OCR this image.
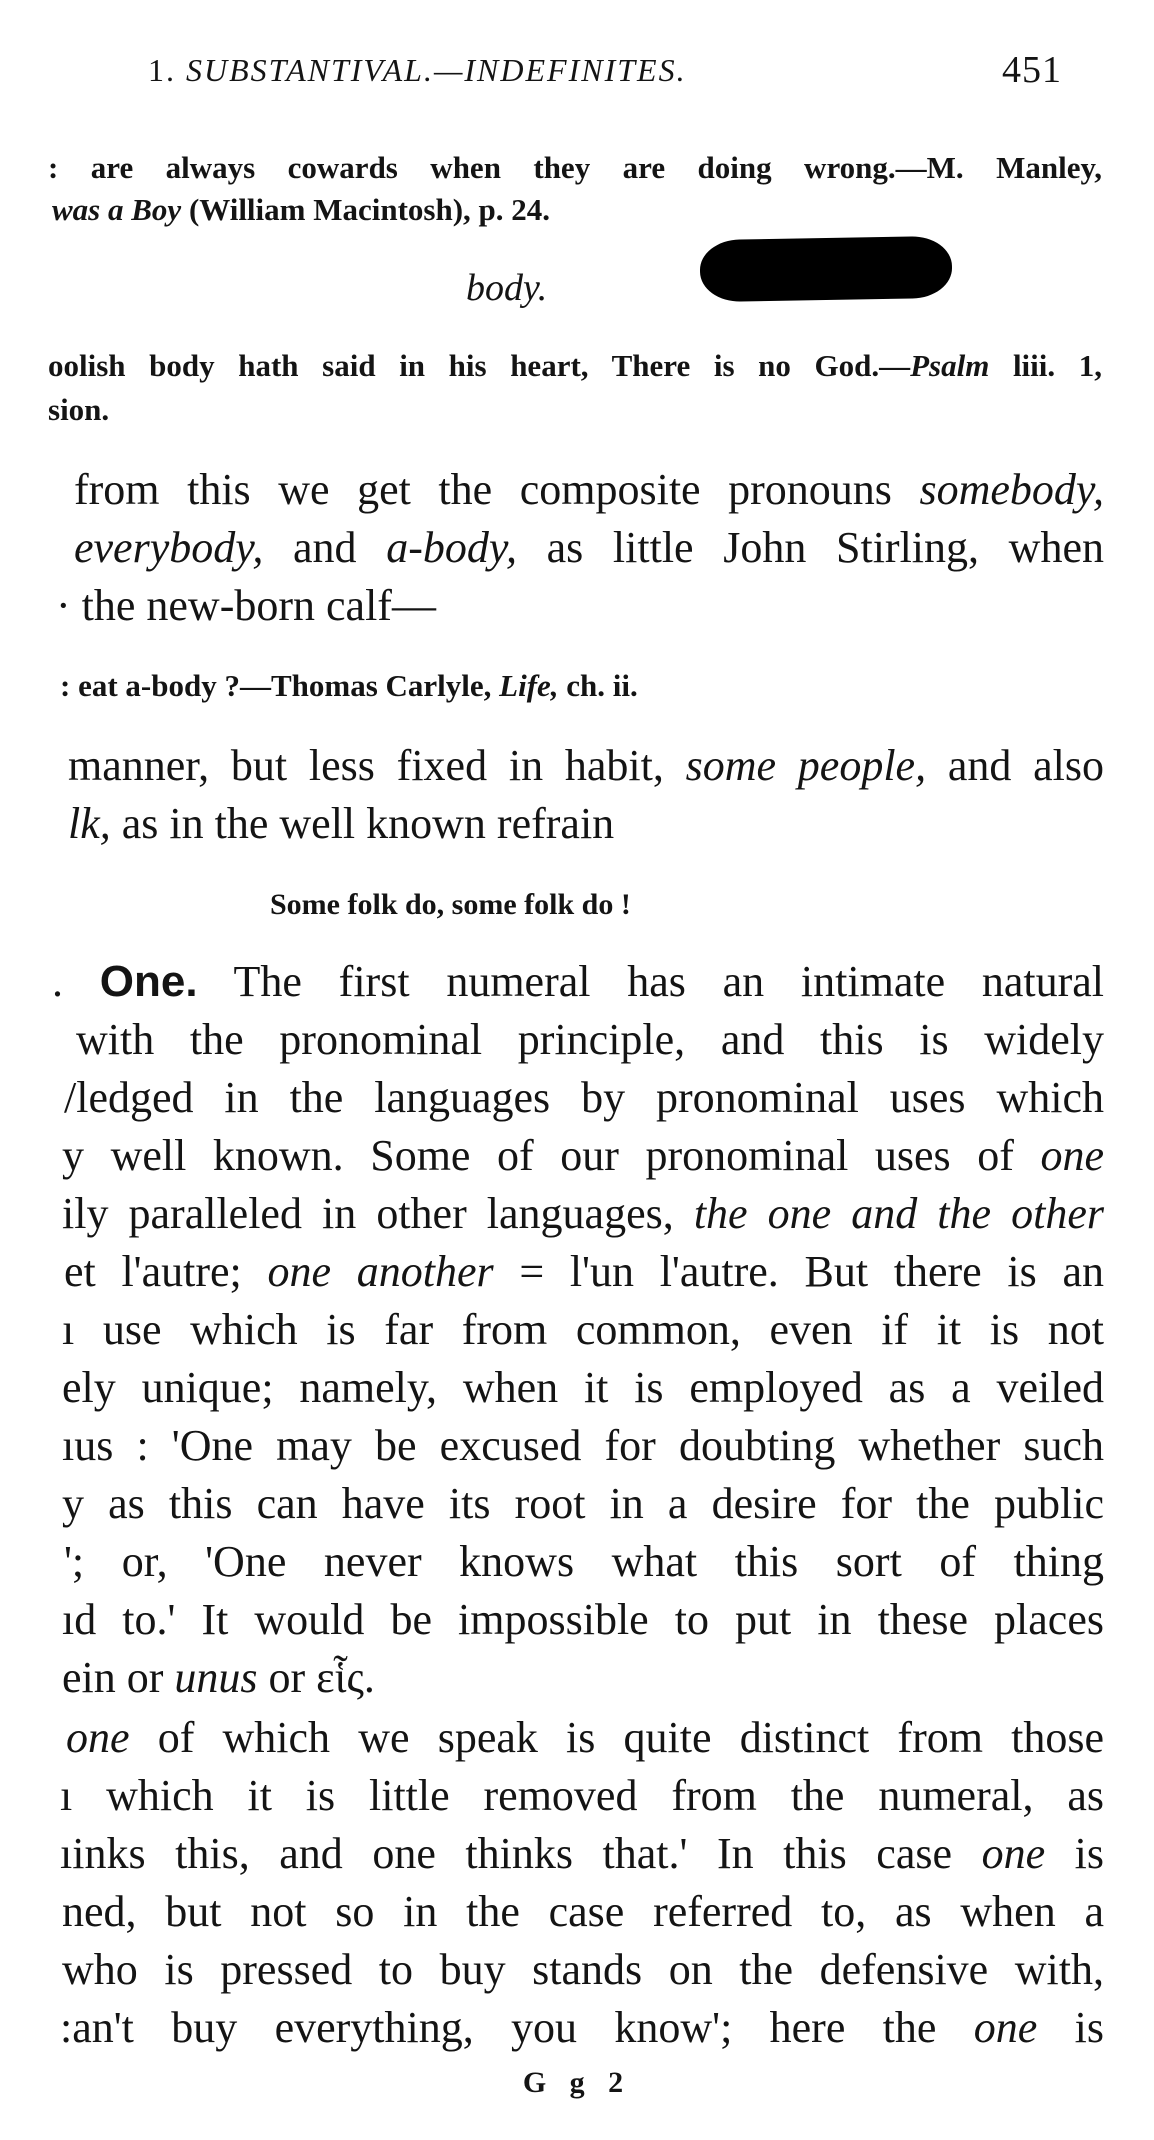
1. SUBSTANTIVAL.—INDEFINITES.	451
: are always cowards when they are doing wrong.—M. Manley,
was a Boy (William Macintosh), p. 24.
body.
oolish body hath said in his heart, There is no God.—Psalm liii. 1,
sion.
from this we get the composite pronouns somebody,
everybody, and a-body, as little John Stirling, when
· the new-born calf—
: eat a-body ?—Thomas Carlyle, Life, ch. ii.
manner, but less fixed in habit, some people, and also
lk, as in the well known refrain
Some folk do, some folk do !
. One. The first numeral has an intimate natural
with the pronominal principle, and this is widely
/ledged in the languages by pronominal uses which
y well known. Some of our pronominal uses of one
ily paralleled in other languages, the one and the other
et l'autre; one another = l'un l'autre. But there is an
ı use which is far from common, even if it is not
ely unique; namely, when it is employed as a veiled
ıus : 'One may be excused for doubting whether such
y as this can have its root in a desire for the public
'; or, 'One never knows what this sort of thing
ıd to.' It would be impossible to put in these places
ein or unus or εἷς.
one of which we speak is quite distinct from those
ı which it is little removed from the numeral, as
ıinks this, and one thinks that.' In this case one is
ned, but not so in the case referred to, as when a
who is pressed to buy stands on the defensive with,
:an't buy everything, you know'; here the one is
G g 2
